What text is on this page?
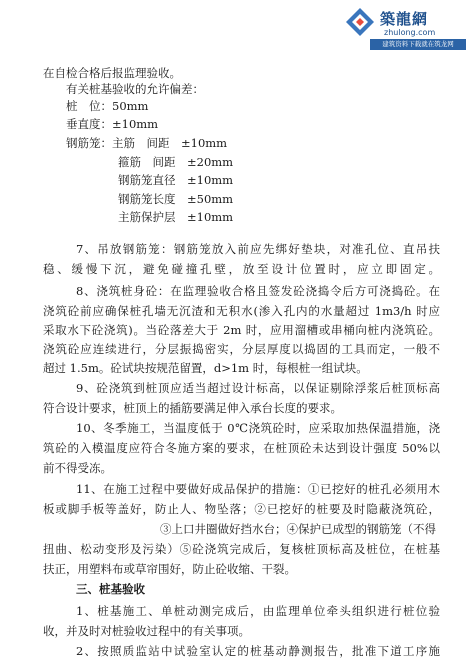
築龍網
zhulong.com
建筑资料下载就在筑龙网

在自检合格后报监理验收。

有关桩基验收的允许偏差：

桩　位：50mm

垂直度：±10mm

钢筋笼：主筋　间距　±10mm

箍筋　间距　±20mm

钢筋笼直径　±10mm

钢筋笼长度　±50mm

主筋保护层　±10mm

7、吊放钢筋笼：钢筋笼放入前应先绑好垫块，对准孔位、直吊扶

稳、缓慢下沉，避免碰撞孔壁，放至设计位置时，应立即固定。

8、浇筑桩身砼：在监理验收合格且签发砼浇捣令后方可浇捣砼。在

浇筑砼前应确保桩孔墙无沉渣和无积水(渗入孔内的水量超过 1m3/h 时应

采取水下砼浇筑)。当砼落差大于 2m 时，应用溜槽或串桶向桩内浇筑砼。

浇筑砼应连续进行，分层振捣密实，分层厚度以捣固的工具而定，一般不

超过 1.5m。砼试块按规范留置，d>1m 时，每根桩一组试块。

9、砼浇筑到桩顶应适当超过设计标高，以保证剔除浮浆后桩顶标高

符合设计要求，桩顶上的插筋要满足伸入承台长度的要求。

10、冬季施工，当温度低于 0℃浇筑砼时，应采取加热保温措施，浇

筑砼的入模温度应符合冬施方案的要求，在桩顶砼未达到设计强度 50%以

前不得受冻。

11、在施工过程中要做好成品保护的措施：①已挖好的桩孔必须用木

板或脚手板等盖好，防止人、物坠落；②已挖好的桩要及时隐蔽浇筑砼，

③上口井圈做好挡水台；④保护已成型的钢筋笼（不得

扭曲、松动变形及污染）⑤砼浇筑完成后，复核桩顶标高及桩位，在桩基

扶正，用塑料布或草帘围好，防止砼收缩、干裂。

三、桩基验收

1、桩基施工、单桩动测完成后，由监理单位牵头组织进行桩位验

收，并及时对桩验收过程中的有关事项。

2、按照质监站中试验室认定的桩基动静测报告，批准下道工序施
